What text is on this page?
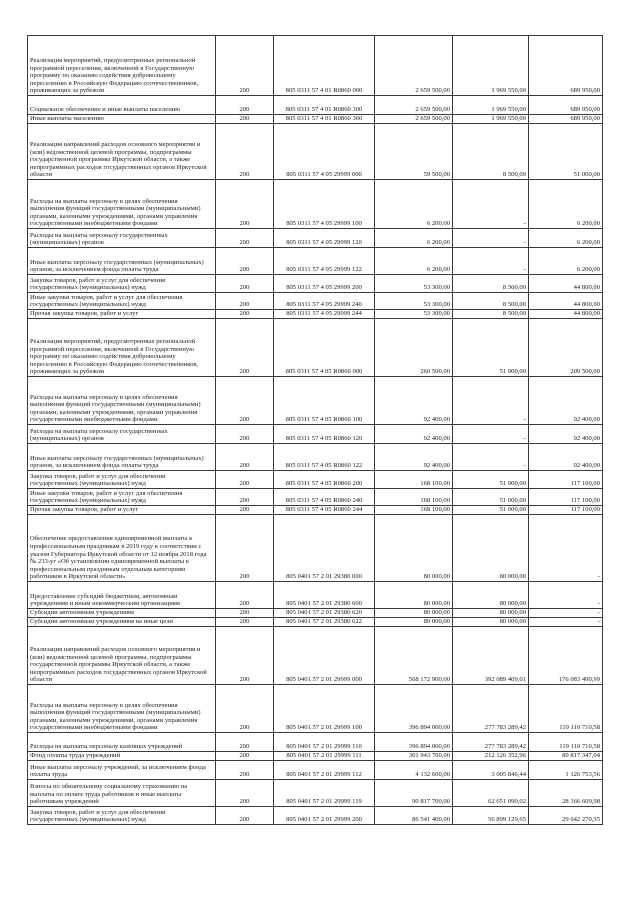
Реализация мероприятий, предусмотренных региональной программой переселения, включенной в Государственную программу по оказанию содействия добровольному переселению в Российскую Федерацию соотечественников, проживающих за рубежом	200	805 0311 57 4 01 R0860 000	2 659 500,00	1 969 550,00	689 950,00
Социальное обеспечение и иные выплаты населению	200	805 0311 57 4 01 R0860 300	2 659 500,00	1 969 550,00	689 950,00
Иные выплаты населению	200	805 0311 57 4 01 R0860 360	2 659 500,00	1 969 550,00	689 950,00
Реализация направлений расходов основного мероприятия и (или) ведомственной целевой программы, подпрограммы государственной программы Иркутской области, а также непрограммных расходов государственных органов Иркутской области	200	805 0311 57 4 05 29999 000	59 500,00	8 500,00	51 000,00
Расходы на выплаты персоналу в целях обеспечения выполнения функций государственными (муниципальными) органами, казенными учреждениями, органами управления государственными внебюджетными фондами	200	805 0311 57 4 05 29999 100	6 200,00	-	6 200,00
Расходы на выплаты персоналу государственных (муниципальных) органов	200	805 0311 57 4 05 29999 120	6 200,00	-	6 200,00
Иные выплаты персоналу государственных (муниципальных) органов, за исключением фонда оплаты труда	200	805 0311 57 4 05 29999 122	6 200,00	-	6 200,00
Закупка товаров, работ и услуг для обеспечения государственных (муниципальных) нужд	200	805 0311 57 4 05 29999 200	53 300,00	8 500,00	44 800,00
Иные закупки товаров, работ и услуг для обеспечения государственных (муниципальных) нужд	200	805 0311 57 4 05 29999 240	53 300,00	8 500,00	44 800,00
Прочая закупка товаров, работ и услуг	200	805 0311 57 4 05 29999 244	53 300,00	8 500,00	44 800,00
Реализация мероприятий, предусмотренных региональной программой переселения, включенной в Государственную программу по оказанию содействия добровольному переселению в Российскую Федерацию соотечественников, проживающих за рубежом	200	805 0311 57 4 05 R0860 000	260 500,00	51 000,00	209 500,00
Расходы на выплаты персоналу в целях обеспечения выполнения функций государственными (муниципальными) органами, казенными учреждениями, органами управления государственными внебюджетными фондами	200	805 0311 57 4 05 R0860 100	92 400,00	-	92 400,00
Расходы на выплаты персоналу государственных (муниципальных) органов	200	805 0311 57 4 05 R0860 120	92 400,00	-	92 400,00
Иные выплаты персоналу государственных (муниципальных) органов, за исключением фонда оплаты труда	200	805 0311 57 4 05 R0860 122	92 400,00	-	92 400,00
Закупка товаров, работ и услуг для обеспечения государственных (муниципальных) нужд	200	805 0311 57 4 05 R0860 200	168 100,00	51 000,00	117 100,00
Иные закупки товаров, работ и услуг для обеспечения государственных (муниципальных) нужд	200	805 0311 57 4 05 R0860 240	168 100,00	51 000,00	117 100,00
Прочая закупка товаров, работ и услуг	200	805 0311 57 4 05 R0860 244	168 100,00	51 000,00	117 100,00
Обеспечение предоставления единовременной выплаты к профессиональным праздникам в 2019 году в соответствии с указом Губернатора Иркутской области от 12 ноября 2018 года № 233-уг «Об установлении единовременной выплаты к профессиональным праздникам отдельным категориям работников в Иркутской области»	200	805 0401 57 2 01 29380 000	80 000,00	80 000,00	-
Предоставление субсидий бюджетным, автономным учреждениям и иным некоммерческим организациям	200	805 0401 57 2 01 29380 600	80 000,00	80 000,00	-
Субсидии автономным учреждениям	200	805 0401 57 2 01 29380 620	80 000,00	80 000,00	-
Субсидии автономным учреждениям на иные цели	200	805 0401 57 2 01 29380 622	80 000,00	80 000,00	-
Реализация направлений расходов основного мероприятия и (или) ведомственной целевой программы, подпрограммы государственной программы Иркутской области, а также непрограммных расходов государственных органов Иркутской области	200	805 0401 57 2 01 29999 000	568 172 900,00	392 089 409,01	176 083 490,99
Расходы на выплаты персоналу в целях обеспечения выполнения функций государственными (муниципальными) органами, казенными учреждениями, органами управления государственными внебюджетными фондами	200	805 0401 57 2 01 29999 100	396 894 000,00	277 783 289,42	119 110 710,58
Расходы на выплаты персоналу казенных учреждений	200	805 0401 57 2 01 29999 110	396 894 000,00	277 783 289,42	119 110 710,58
Фонд оплаты труда учреждений	200	805 0401 57 2 01 29999 111	301 943 700,00	212 126 352,96	89 817 347,04
Иные выплаты персоналу учреждений, за исключением фонда оплаты труда	200	805 0401 57 2 01 29999 112	4 132 600,00	3 005 846,44	1 126 753,56
Взносы по обязательному социальному страхованию на выплаты по оплате труда работников и иные выплаты работникам учреждений	200	805 0401 57 2 01 29999 119	90 817 700,00	62 651 090,02	28 166 609,98
Закупка товаров, работ и услуг для обеспечения государственных (муниципальных) нужд	200	805 0401 57 2 01 29999 200	86 541 400,00	56 899 129,65	29 642 270,35
